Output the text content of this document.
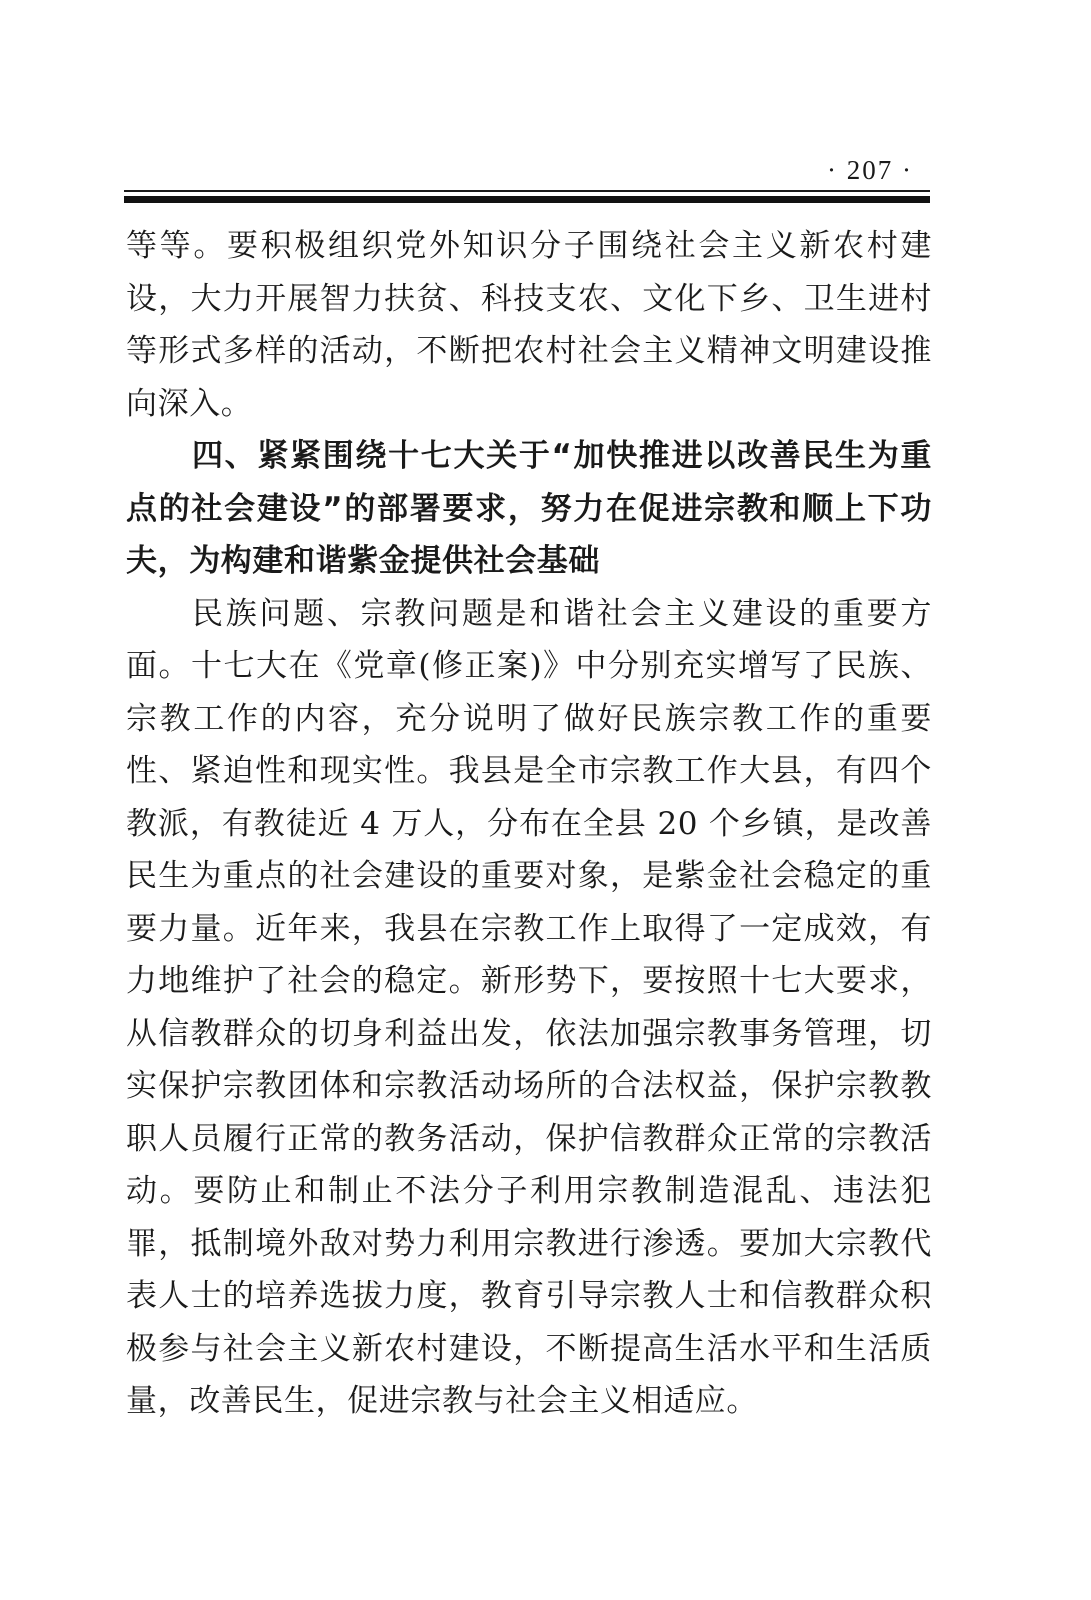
· 207 ·

等等。要积极组织党外知识分子围绕社会主义新农村建设，大力开展智力扶贫、科技支农、文化下乡、卫生进村等形式多样的活动，不断把农村社会主义精神文明建设推向深入。

四、紧紧围绕十七大关于“加快推进以改善民生为重点的社会建设”的部署要求，努力在促进宗教和顺上下功夫，为构建和谐紫金提供社会基础

民族问题、宗教问题是和谐社会主义建设的重要方面。十七大在《党章(修正案)》中分别充实增写了民族、宗教工作的内容，充分说明了做好民族宗教工作的重要性、紧迫性和现实性。我县是全市宗教工作大县，有四个教派，有教徒近 4 万人，分布在全县 20 个乡镇，是改善民生为重点的社会建设的重要对象，是紫金社会稳定的重要力量。近年来，我县在宗教工作上取得了一定成效，有力地维护了社会的稳定。新形势下，要按照十七大要求，从信教群众的切身利益出发，依法加强宗教事务管理，切实保护宗教团体和宗教活动场所的合法权益，保护宗教教职人员履行正常的教务活动，保护信教群众正常的宗教活动。要防止和制止不法分子利用宗教制造混乱、违法犯罪，抵制境外敌对势力利用宗教进行渗透。要加大宗教代表人士的培养选拔力度，教育引导宗教人士和信教群众积极参与社会主义新农村建设，不断提高生活水平和生活质量，改善民生，促进宗教与社会主义相适应。
